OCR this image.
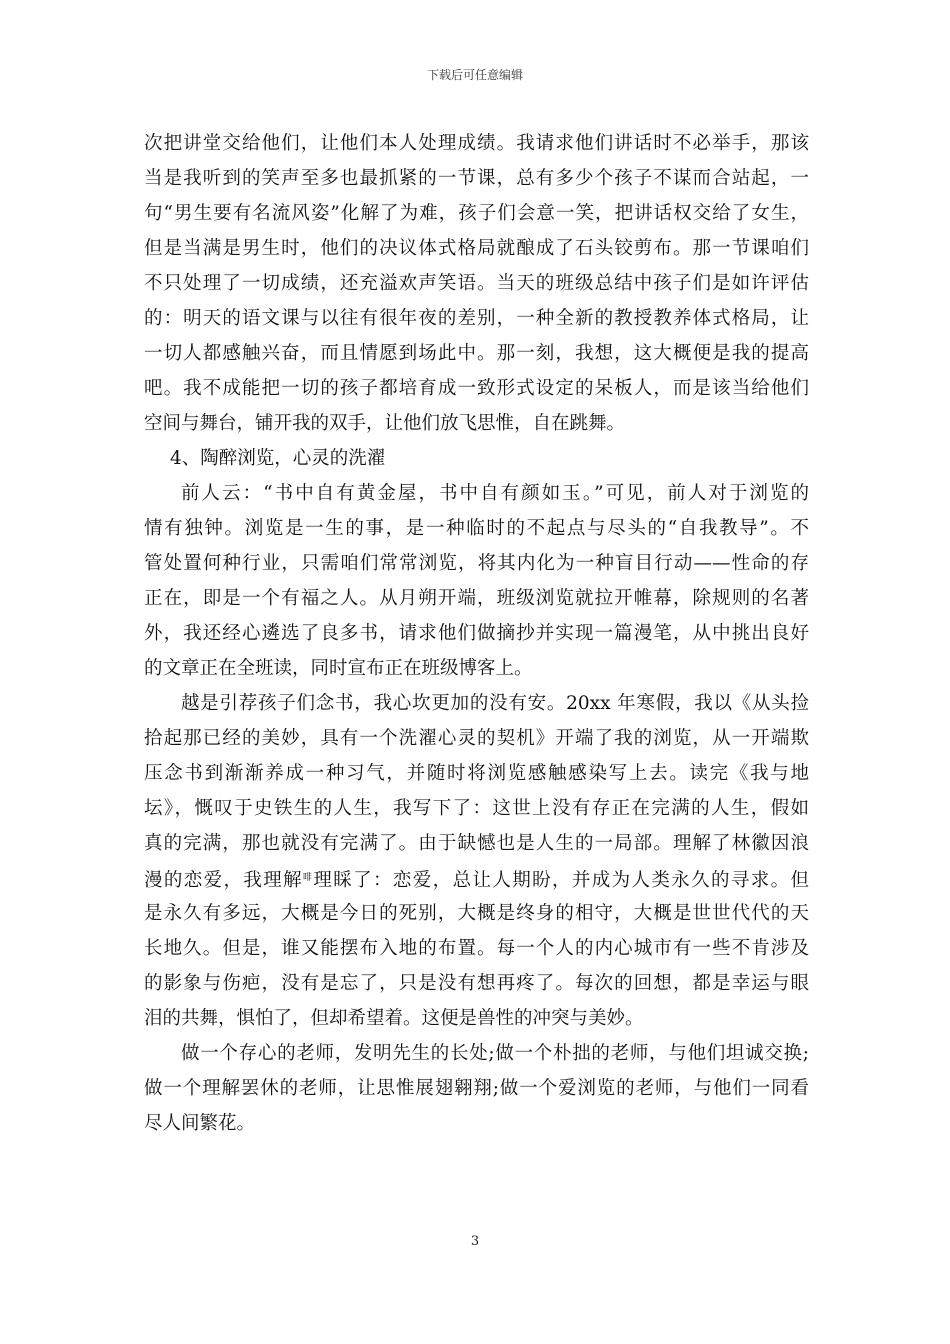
下载后可任意编辑
次把讲堂交给他们，让他们本人处理成绩。我请求他们讲话时不必举手，那该
当是我听到的笑声至多也最抓紧的一节课，总有多少个孩子不谋而合站起，一
句“男生要有名流风姿”化解了为难，孩子们会意一笑，把讲话权交给了女生，
但是当满是男生时，他们的决议体式格局就酿成了石头铰剪布。那一节课咱们
不只处理了一切成绩，还充溢欢声笑语。当天的班级总结中孩子们是如许评估
的：明天的语文课与以往有很年夜的差别，一种全新的教授教养体式格局，让
一切人都感触兴奋，而且情愿到场此中。那一刻，我想，这大概便是我的提高
吧。我不成能把一切的孩子都培育成一致形式设定的呆板人，而是该当给他们
空间与舞台，铺开我的双手，让他们放飞思惟，自在跳舞。
4、陶醉浏览，心灵的洗濯
前人云：“书中自有黄金屋，书中自有颜如玉。”可见，前人对于浏览的
情有独钟。浏览是一生的事，是一种临时的不起点与尽头的“自我教导”。不
管处置何种行业，只需咱们常常浏览，将其内化为一种盲目行动——性命的存
正在，即是一个有福之人。从月朔开端，班级浏览就拉开帷幕，除规则的名著
外，我还经心遴选了良多书，请求他们做摘抄并实现一篇漫笔，从中挑出良好
的文章正在全班读，同时宣布正在班级博客上。
越是引荐孩子们念书，我心坎更加的没有安。20xx 年寒假，我以《从头捡
拾起那已经的美妙，具有一个洗濯心灵的契机》开端了我的浏览，从一开端欺
压念书到渐渐养成一种习气，并随时将浏览感触感染写上去。读完《我与地
坛》，慨叹于史铁生的人生，我写下了：这世上没有存正在完满的人生，假如
真的完满，那也就没有完满了。由于缺憾也是人生的一局部。理解了林徽因浪
漫的恋爱，我理解$^啡$理睬了：恋爱，总让人期盼，并成为人类永久的寻求。但
是永久有多远，大概是今日的死别，大概是终身的相守，大概是世世代代的天
长地久。但是，谁又能摆布入地的布置。每一个人的内心城市有一些不肯涉及
的影象与伤疤，没有是忘了，只是没有想再疼了。每次的回想，都是幸运与眼
泪的共舞，惧怕了，但却希望着。这便是兽性的冲突与美妙。
做一个存心的老师，发明先生的长处;做一个朴拙的老师，与他们坦诚交换;
做一个理解罢休的老师，让思惟展翅翱翔;做一个爱浏览的老师，与他们一同看
尽人间繁花。
3
